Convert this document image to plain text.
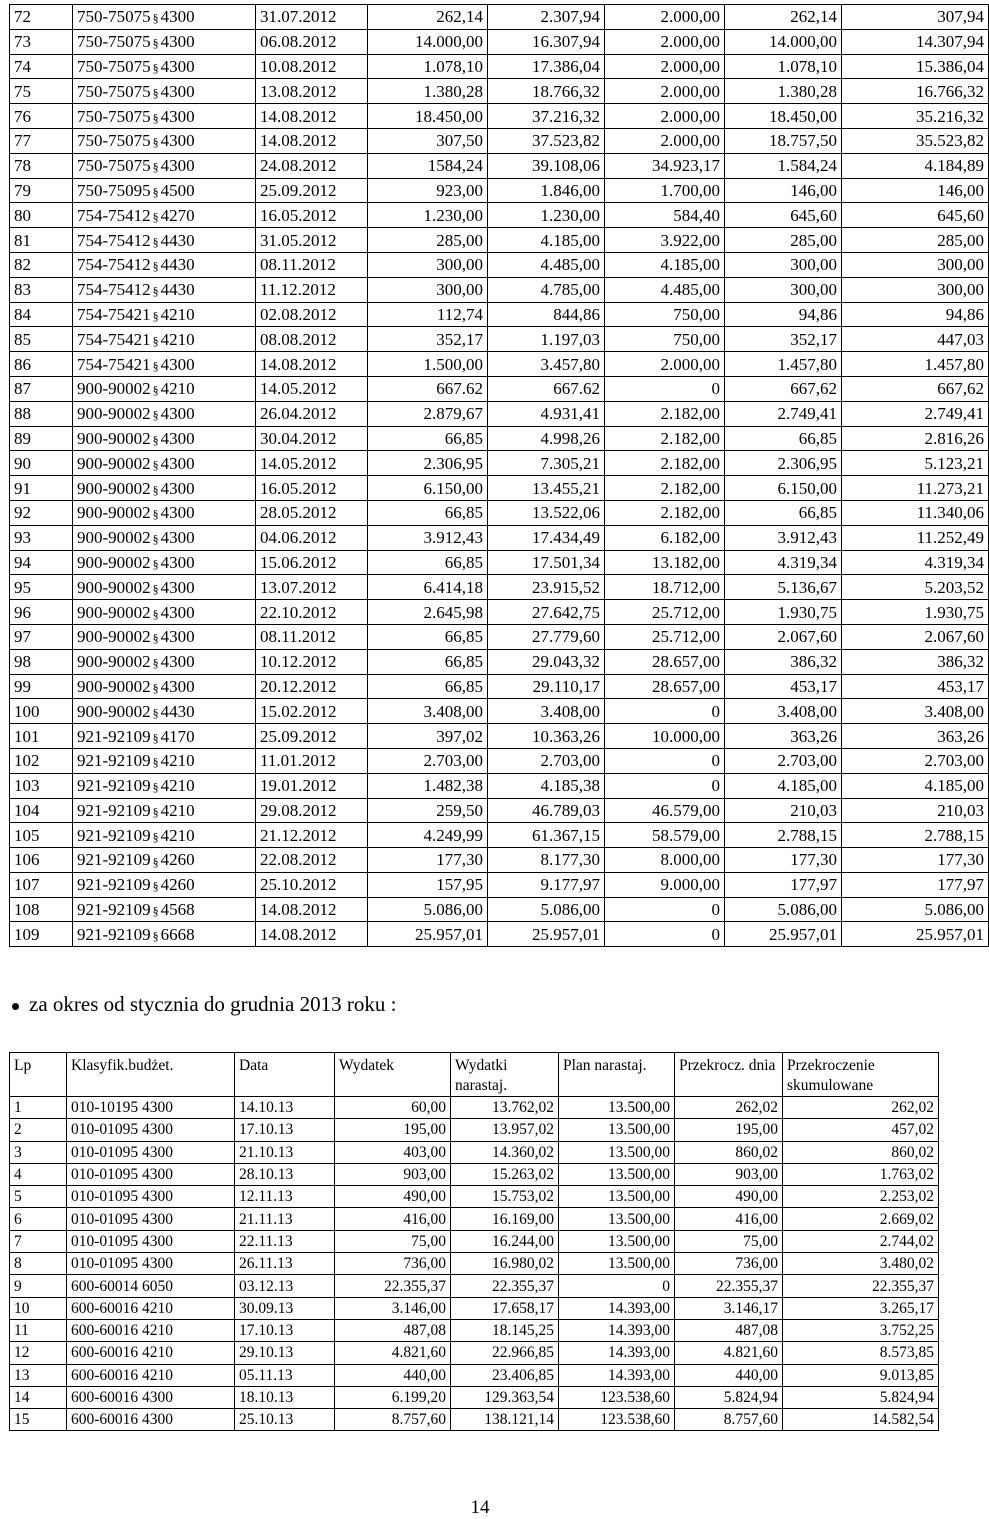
72	750-75075 § 4300	31.07.2012	262,14	2.307,94	2.000,00	262,14	307,94
73	750-75075 § 4300	06.08.2012	14.000,00	16.307,94	2.000,00	14.000,00	14.307,94
74	750-75075 § 4300	10.08.2012	1.078,10	17.386,04	2.000,00	1.078,10	15.386,04
75	750-75075 § 4300	13.08.2012	1.380,28	18.766,32	2.000,00	1.380,28	16.766,32
76	750-75075 § 4300	14.08.2012	18.450,00	37.216,32	2.000,00	18.450,00	35.216,32
77	750-75075 § 4300	14.08.2012	307,50	37.523,82	2.000,00	18.757,50	35.523,82
78	750-75075 § 4300	24.08.2012	1584,24	39.108,06	34.923,17	1.584,24	4.184,89
79	750-75095 § 4500	25.09.2012	923,00	1.846,00	1.700,00	146,00	146,00
80	754-75412 § 4270	16.05.2012	1.230,00	1.230,00	584,40	645,60	645,60
81	754-75412 § 4430	31.05.2012	285,00	4.185,00	3.922,00	285,00	285,00
82	754-75412 § 4430	08.11.2012	300,00	4.485,00	4.185,00	300,00	300,00
83	754-75412 § 4430	11.12.2012	300,00	4.785,00	4.485,00	300,00	300,00
84	754-75421 § 4210	02.08.2012	112,74	844,86	750,00	94,86	94,86
85	754-75421 § 4210	08.08.2012	352,17	1.197,03	750,00	352,17	447,03
86	754-75421 § 4300	14.08.2012	1.500,00	3.457,80	2.000,00	1.457,80	1.457,80
87	900-90002 § 4210	14.05.2012	667.62	667.62	0	667,62	667,62
88	900-90002 § 4300	26.04.2012	2.879,67	4.931,41	2.182,00	2.749,41	2.749,41
89	900-90002 § 4300	30.04.2012	66,85	4.998,26	2.182,00	66,85	2.816,26
90	900-90002 § 4300	14.05.2012	2.306,95	7.305,21	2.182,00	2.306,95	5.123,21
91	900-90002 § 4300	16.05.2012	6.150,00	13.455,21	2.182,00	6.150,00	11.273,21
92	900-90002 § 4300	28.05.2012	66,85	13.522,06	2.182,00	66,85	11.340,06
93	900-90002 § 4300	04.06.2012	3.912,43	17.434,49	6.182,00	3.912,43	11.252,49
94	900-90002 § 4300	15.06.2012	66,85	17.501,34	13.182,00	4.319,34	4.319,34
95	900-90002 § 4300	13.07.2012	6.414,18	23.915,52	18.712,00	5.136,67	5.203,52
96	900-90002 § 4300	22.10.2012	2.645,98	27.642,75	25.712,00	1.930,75	1.930,75
97	900-90002 § 4300	08.11.2012	66,85	27.779,60	25.712,00	2.067,60	2.067,60
98	900-90002 § 4300	10.12.2012	66,85	29.043,32	28.657,00	386,32	386,32
99	900-90002 § 4300	20.12.2012	66,85	29.110,17	28.657,00	453,17	453,17
100	900-90002 § 4430	15.02.2012	3.408,00	3.408,00	0	3.408,00	3.408,00
101	921-92109 § 4170	25.09.2012	397,02	10.363,26	10.000,00	363,26	363,26
102	921-92109 § 4210	11.01.2012	2.703,00	2.703,00	0	2.703,00	2.703,00
103	921-92109 § 4210	19.01.2012	1.482,38	4.185,38	0	4.185,00	4.185,00
104	921-92109 § 4210	29.08.2012	259,50	46.789,03	46.579,00	210,03	210,03
105	921-92109 § 4210	21.12.2012	4.249,99	61.367,15	58.579,00	2.788,15	2.788,15
106	921-92109 § 4260	22.08.2012	177,30	8.177,30	8.000,00	177,30	177,30
107	921-92109 § 4260	25.10.2012	157,95	9.177,97	9.000,00	177,97	177,97
108	921-92109 § 4568	14.08.2012	5.086,00	5.086,00	0	5.086,00	5.086,00
109	921-92109 § 6668	14.08.2012	25.957,01	25.957,01	0	25.957,01	25.957,01
za okres od stycznia do grudnia 2013 roku :
Lp	Klasyfik.budżet.	Data	Wydatek	Wydatki narastaj.	Plan narastaj.	Przekrocz. dnia	Przekroczenie skumulowane
1	010-10195 4300	14.10.13	60,00	13.762,02	13.500,00	262,02	262,02
2	010-01095 4300	17.10.13	195,00	13.957,02	13.500,00	195,00	457,02
3	010-01095 4300	21.10.13	403,00	14.360,02	13.500,00	860,02	860,02
4	010-01095 4300	28.10.13	903,00	15.263,02	13.500,00	903,00	1.763,02
5	010-01095 4300	12.11.13	490,00	15.753,02	13.500,00	490,00	2.253,02
6	010-01095 4300	21.11.13	416,00	16.169,00	13.500,00	416,00	2.669,02
7	010-01095 4300	22.11.13	75,00	16.244,00	13.500,00	75,00	2.744,02
8	010-01095 4300	26.11.13	736,00	16.980,02	13.500,00	736,00	3.480,02
9	600-60014 6050	03.12.13	22.355,37	22.355,37	0	22.355,37	22.355,37
10	600-60016 4210	30.09.13	3.146,00	17.658,17	14.393,00	3.146,17	3.265,17
11	600-60016 4210	17.10.13	487,08	18.145,25	14.393,00	487,08	3.752,25
12	600-60016 4210	29.10.13	4.821,60	22.966,85	14.393,00	4.821,60	8.573,85
13	600-60016 4210	05.11.13	440,00	23.406,85	14.393,00	440,00	9.013,85
14	600-60016 4300	18.10.13	6.199,20	129.363,54	123.538,60	5.824,94	5.824,94
15	600-60016 4300	25.10.13	8.757,60	138.121,14	123.538,60	8.757,60	14.582,54
14
